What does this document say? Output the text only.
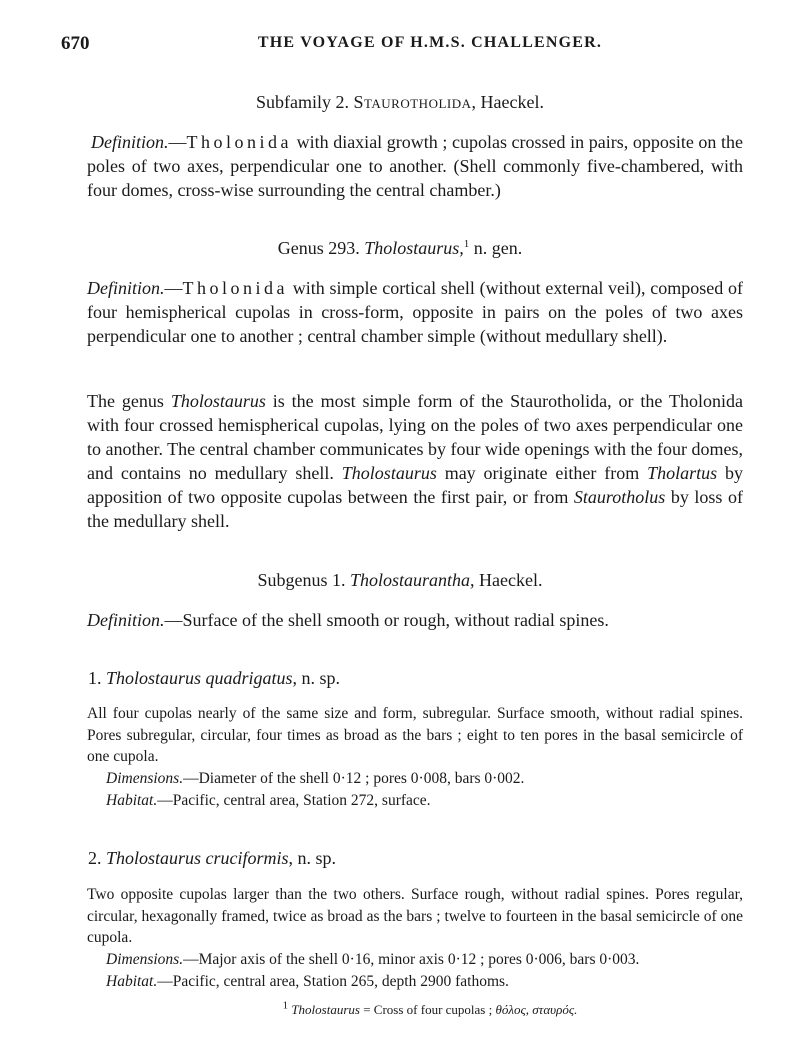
670	THE VOYAGE OF H.M.S. CHALLENGER.
Subfamily 2. Staurotholida, Haeckel.
Definition.—Tholonida with diaxial growth ; cupolas crossed in pairs, opposite on the poles of two axes, perpendicular one to another. (Shell commonly five-chambered, with four domes, cross-wise surrounding the central chamber.)
Genus 293. Tholostaurus,$^1$ n. gen.
Definition.—Tholonida with simple cortical shell (without external veil), composed of four hemispherical cupolas in cross-form, opposite in pairs on the poles of two axes perpendicular one to another ; central chamber simple (without medullary shell).
The genus Tholostaurus is the most simple form of the Staurotholida, or the Tholonida with four crossed hemispherical cupolas, lying on the poles of two axes perpendicular one to another. The central chamber communicates by four wide openings with the four domes, and contains no medullary shell. Tholostaurus may originate either from Tholartus by apposition of two opposite cupolas between the first pair, or from Staurotholus by loss of the medullary shell.
Subgenus 1. Tholostaurantha, Haeckel.
Definition.—Surface of the shell smooth or rough, without radial spines.
1. Tholostaurus quadrigatus, n. sp.
All four cupolas nearly of the same size and form, subregular. Surface smooth, without radial spines. Pores subregular, circular, four times as broad as the bars ; eight to ten pores in the basal semicircle of one cupola.
Dimensions.—Diameter of the shell 0·12 ; pores 0·008, bars 0·002.
Habitat.—Pacific, central area, Station 272, surface.
2. Tholostaurus cruciformis, n. sp.
Two opposite cupolas larger than the two others. Surface rough, without radial spines. Pores regular, circular, hexagonally framed, twice as broad as the bars ; twelve to fourteen in the basal semicircle of one cupola.
Dimensions.—Major axis of the shell 0·16, minor axis 0·12 ; pores 0·006, bars 0·003.
Habitat.—Pacific, central area, Station 265, depth 2900 fathoms.
$^1$ Tholostaurus = Cross of four cupolas ; θόλος, σταυρός.
